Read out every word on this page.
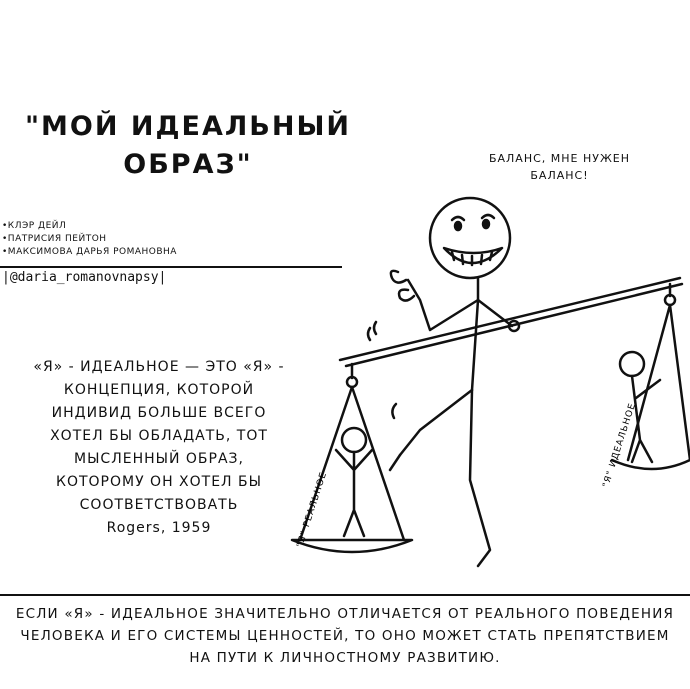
"МОЙ ИДЕАЛЬНЫЙ ОБРАЗ"	БАЛАНС, МНЕ НУЖЕН БАЛАНС!
•КЛЭР ДЕЙЛ
•ПАТРИСИЯ ПЕЙТОН
•МАКСИМОВА ДАРЬЯ РОМАНОВНА
|@daria_romanovnapsy|
«Я» - ИДЕАЛЬНОЕ — ЭТО «Я» - КОНЦЕПЦИЯ, КОТОРОЙ ИНДИВИД БОЛЬШЕ ВСЕГО ХОТЕЛ БЫ ОБЛАДАТЬ, ТОТ МЫСЛЕННЫЙ ОБРАЗ, КОТОРОМУ ОН ХОТЕЛ БЫ СООТВЕТСТВОВАТЬ
Rogers, 1959	"Я" РЕАЛЬНОЕ
"Я" ИДЕАЛЬНОЕ
ЕСЛИ «Я» - ИДЕАЛЬНОЕ ЗНАЧИТЕЛЬНО ОТЛИЧАЕТСЯ ОТ РЕАЛЬНОГО ПОВЕДЕНИЯ ЧЕЛОВЕКА И ЕГО СИСТЕМЫ ЦЕННОСТЕЙ, ТО ОНО МОЖЕТ СТАТЬ ПРЕПЯТСТВИЕМ НА ПУТИ К ЛИЧНОСТНОМУ РАЗВИТИЮ.
